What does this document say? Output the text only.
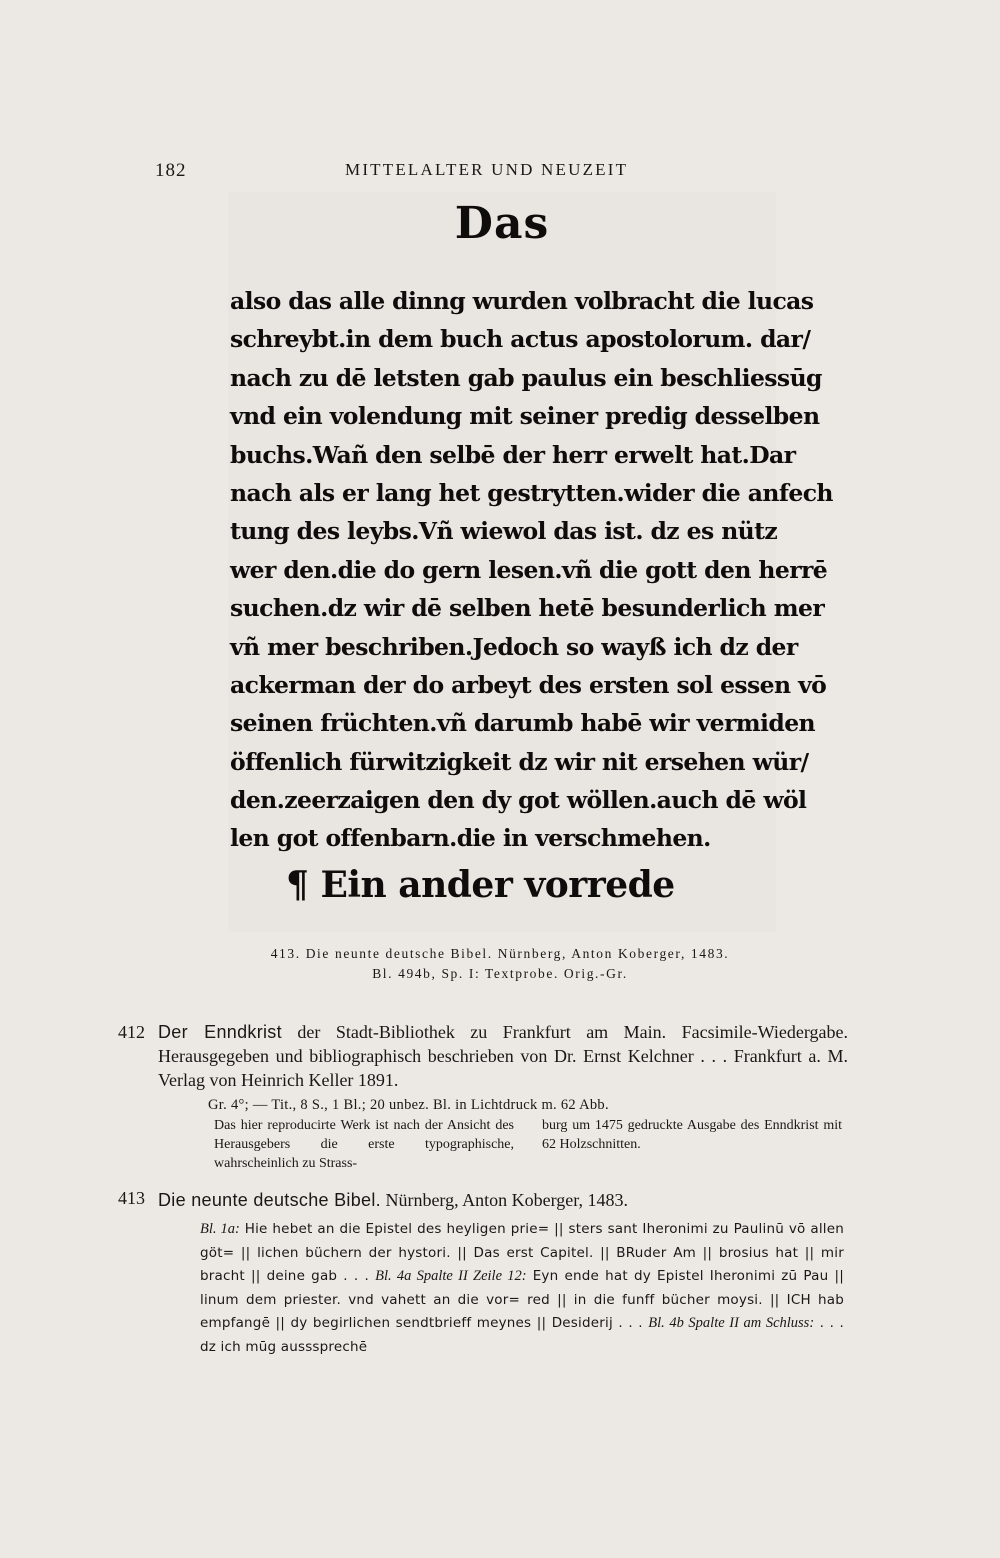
182	MITTELALTER UND NEUZEIT
Das
also das alle dinng wurden volbracht die lucas
schreybt.in dem buch actus apostolorum. dar/
nach zu dē letsten gab paulus ein beschliessūg
vnd ein volendung mit seiner predig desselben
buchs.Wañ den selbē der herr erwelt hat.Dar
nach als er lang het gestrytten.wider die anfech
tung des leybs.Vñ wiewol das ist. dz es nütz
wer den.die do gern lesen.vñ die gott den herrē
suchen.dz wir dē selben hetē besunderlich mer
vñ mer beschriben.Jedoch so wayß ich dz der
ackerman der do arbeyt des ersten sol essen vō
seinen früchten.vñ darumb habē wir vermiden
öffenlich fürwitzigkeit dz wir nit ersehen wür/
den.zeerzaigen den dy got wöllen.auch dē wöl
len got offenbarn.die in verschmehen.
¶ Ein ander vorrede
413. Die neunte deutsche Bibel. Nürnberg, Anton Koberger, 1483.
Bl. 494b, Sp. I: Textprobe. Orig.-Gr.
412 Der Enndkrist der Stadt-Bibliothek zu Frankfurt am Main. Facsimile-Wiedergabe. Herausgegeben und bibliographisch beschrieben von Dr. Ernst Kelchner . . . Frankfurt a. M. Verlag von Heinrich Keller 1891.
Gr. 4°; — Tit., 8 S., 1 Bl.; 20 unbez. Bl. in Lichtdruck m. 62 Abb.
Das hier reproducirte Werk ist nach der Ansicht des Herausgebers die erste typographische, wahrscheinlich zu Strass-
burg um 1475 gedruckte Ausgabe des Enndkrist mit 62 Holzschnitten.
413 Die neunte deutsche Bibel. Nürnberg, Anton Koberger, 1483.
Bl. 1a: Hie hebet an die Epistel des heyligen prie= || sters sant Iheronimi zu Paulinū vō allen göt= || lichen büchern der hystori. || Das erst Capitel. || BRuder Am || brosius hat || mir bracht || deine gab . . . Bl. 4a Spalte II Zeile 12: Eyn ende hat dy Epistel Iheronimi zū Pau || linum dem priester. vnd vahett an die vor= red || in die funff bücher moysi. || ICH hab empfangē || dy begirlichen sendtbrieff meynes || Desiderij . . . Bl. 4b Spalte II am Schluss: . . . dz ich mūg ausssprechē
